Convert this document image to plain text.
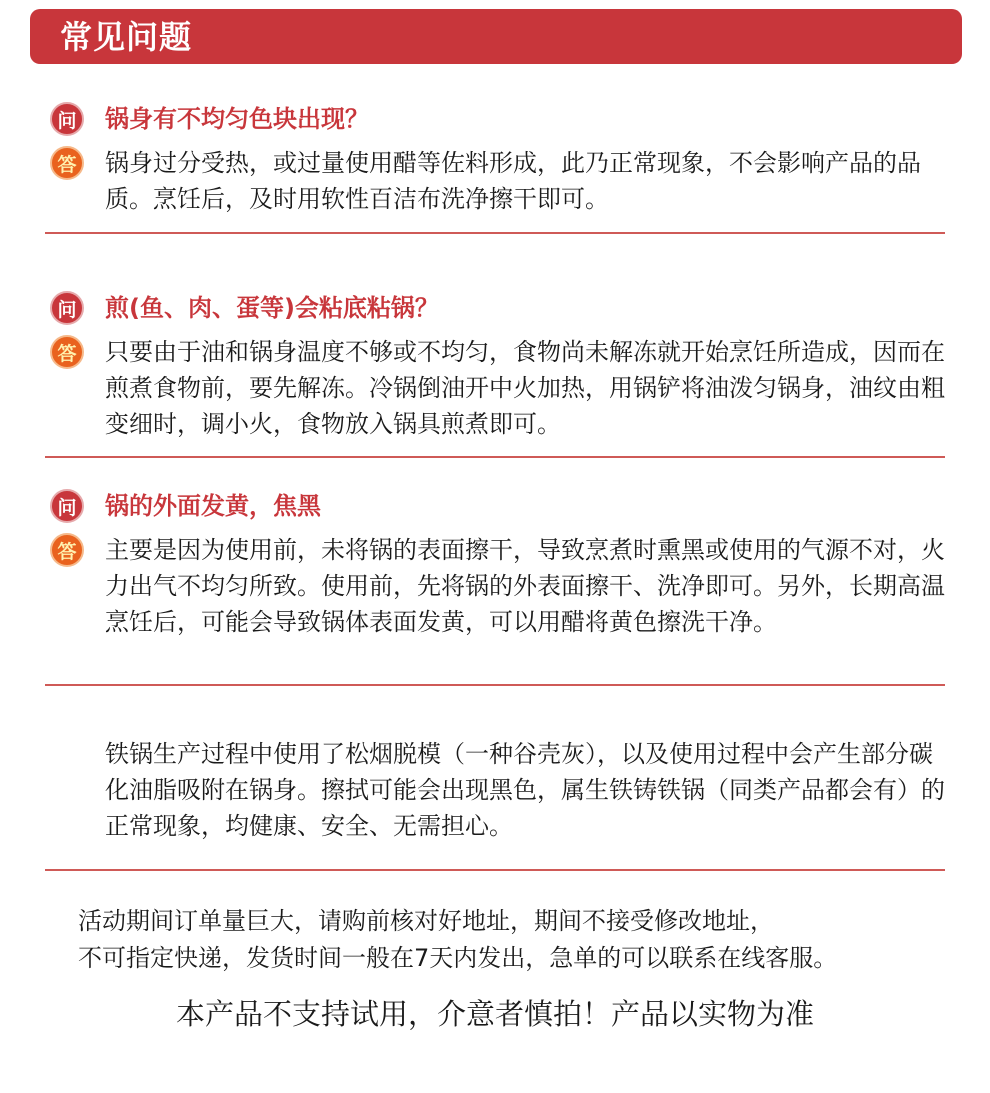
常见问题
问	锅身有不均匀色块出现？
答	锅身过分受热，或过量使用醋等佐料形成，此乃正常现象，不会影响产品的品质。烹饪后，及时用软性百洁布洗净擦干即可。
问	煎(鱼、肉、蛋等)会粘底粘锅？
答	只要由于油和锅身温度不够或不均匀，食物尚未解冻就开始烹饪所造成，因而在煎煮食物前，要先解冻。冷锅倒油开中火加热，用锅铲将油泼匀锅身，油纹由粗变细时，调小火，食物放入锅具煎煮即可。
问	锅的外面发黄，焦黑
答	主要是因为使用前，未将锅的表面擦干，导致烹煮时熏黑或使用的气源不对，火力出气不均匀所致。使用前，先将锅的外表面擦干、洗净即可。另外，长期高温烹饪后，可能会导致锅体表面发黄，可以用醋将黄色擦洗干净。
铁锅生产过程中使用了松烟脱模（一种谷壳灰），以及使用过程中会产生部分碳化油脂吸附在锅身。擦拭可能会出现黑色，属生铁铸铁锅（同类产品都会有）的正常现象，均健康、安全、无需担心。
活动期间订单量巨大，请购前核对好地址，期间不接受修改地址，
不可指定快递，发货时间一般在7天内发出，急单的可以联系在线客服。
本产品不支持试用，介意者慎拍！产品以实物为准
